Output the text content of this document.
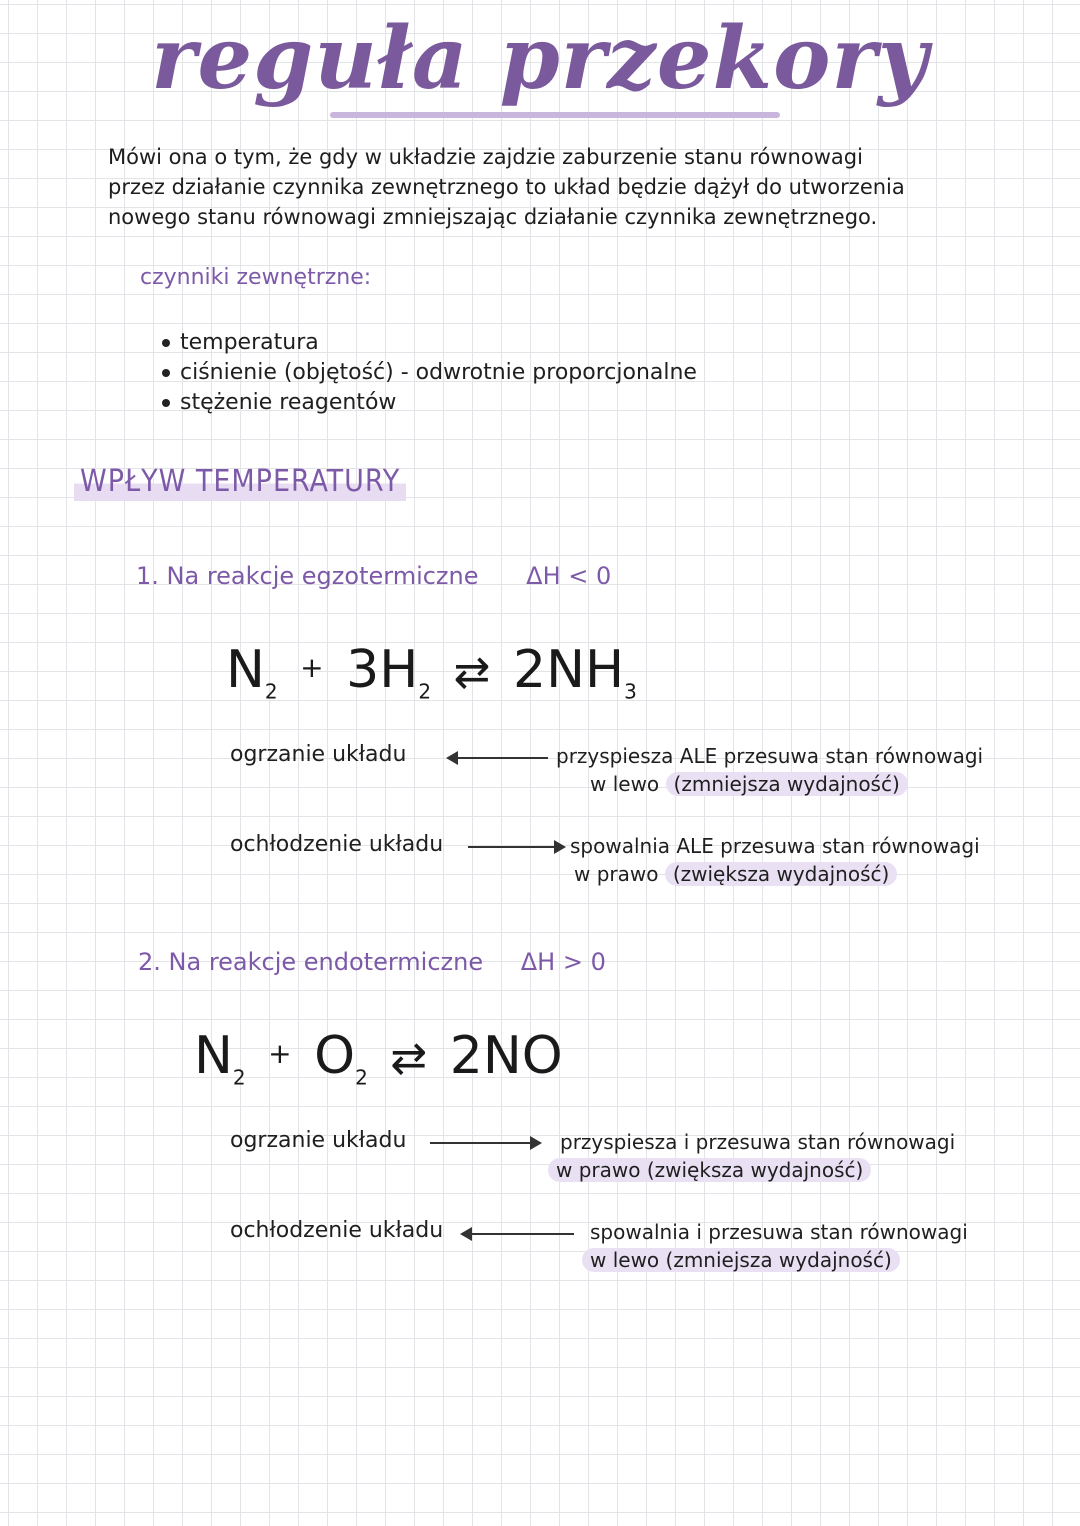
reguła przekory
Mówi ona o tym, że gdy w układzie zajdzie zaburzenie stanu równowagi
przez działanie czynnika zewnętrznego to układ będzie dążył do utworzenia
nowego stanu równowagi zmniejszając działanie czynnika zewnętrznego.
czynniki zewnętrzne:
temperatura
ciśnienie (objętość) - odwrotnie proporcjonalne
stężenie reagentów
WPŁYW TEMPERATURY
1. Na reakcje egzotermiczne ΔH < 0
$N_2 + 3H_2$ ⇄ $2NH_3$
ogrzanie układu	przyspiesza ALE przesuwa stan równowagi
w lewo (zmniejsza wydajność)
ochłodzenie układu	spowalnia ALE przesuwa stan równowagi
w prawo (zwiększa wydajność)
2. Na reakcje endotermiczne ΔH > 0
$N_2 + O_2$ ⇄ 2NO
ogrzanie układu	przyspiesza i przesuwa stan równowagi
w prawo (zwiększa wydajność)
ochłodzenie układu	spowalnia i przesuwa stan równowagi
w lewo (zmniejsza wydajność)
